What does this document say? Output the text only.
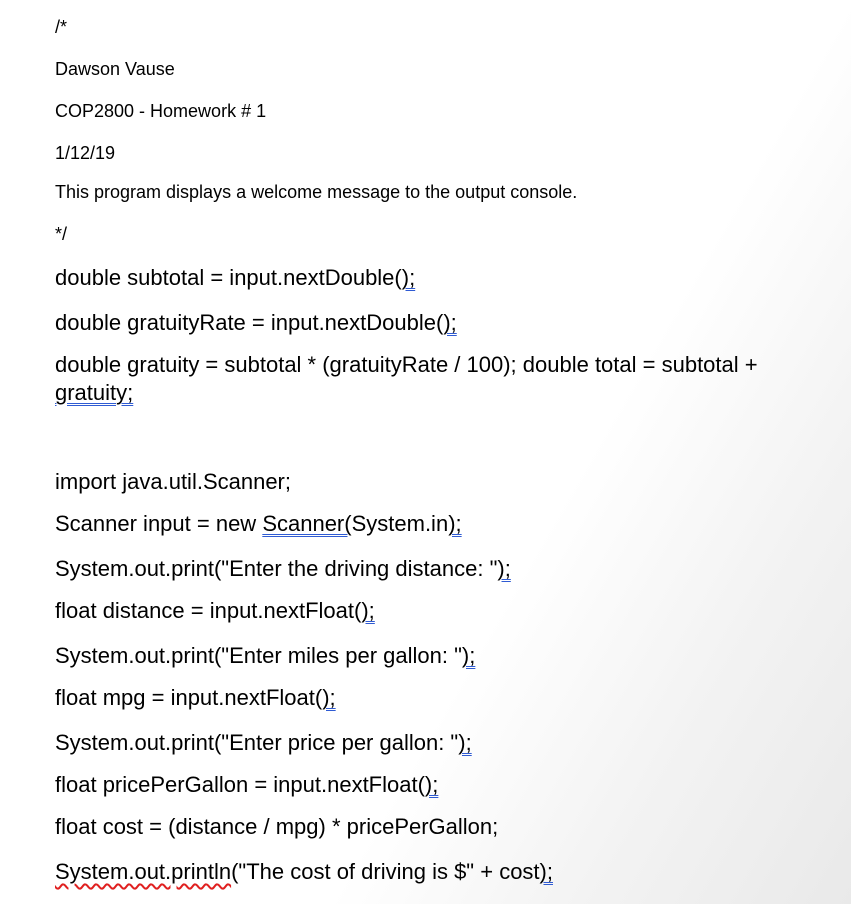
/*

Dawson Vause

COP2800 - Homework # 1

1/12/19

This program displays a welcome message to the output console.

*/

double subtotal = input.nextDouble();

double gratuityRate = input.nextDouble();

double gratuity = subtotal * (gratuityRate / 100); double total = subtotal + gratuity;

import java.util.Scanner;

Scanner input = new Scanner(System.in);

System.out.print("Enter the driving distance: ");

float distance = input.nextFloat();

System.out.print("Enter miles per gallon: ");

float mpg = input.nextFloat();

System.out.print("Enter price per gallon: ");

float pricePerGallon = input.nextFloat();

float cost = (distance / mpg) * pricePerGallon;

System.out.println("The cost of driving is $" + cost);
